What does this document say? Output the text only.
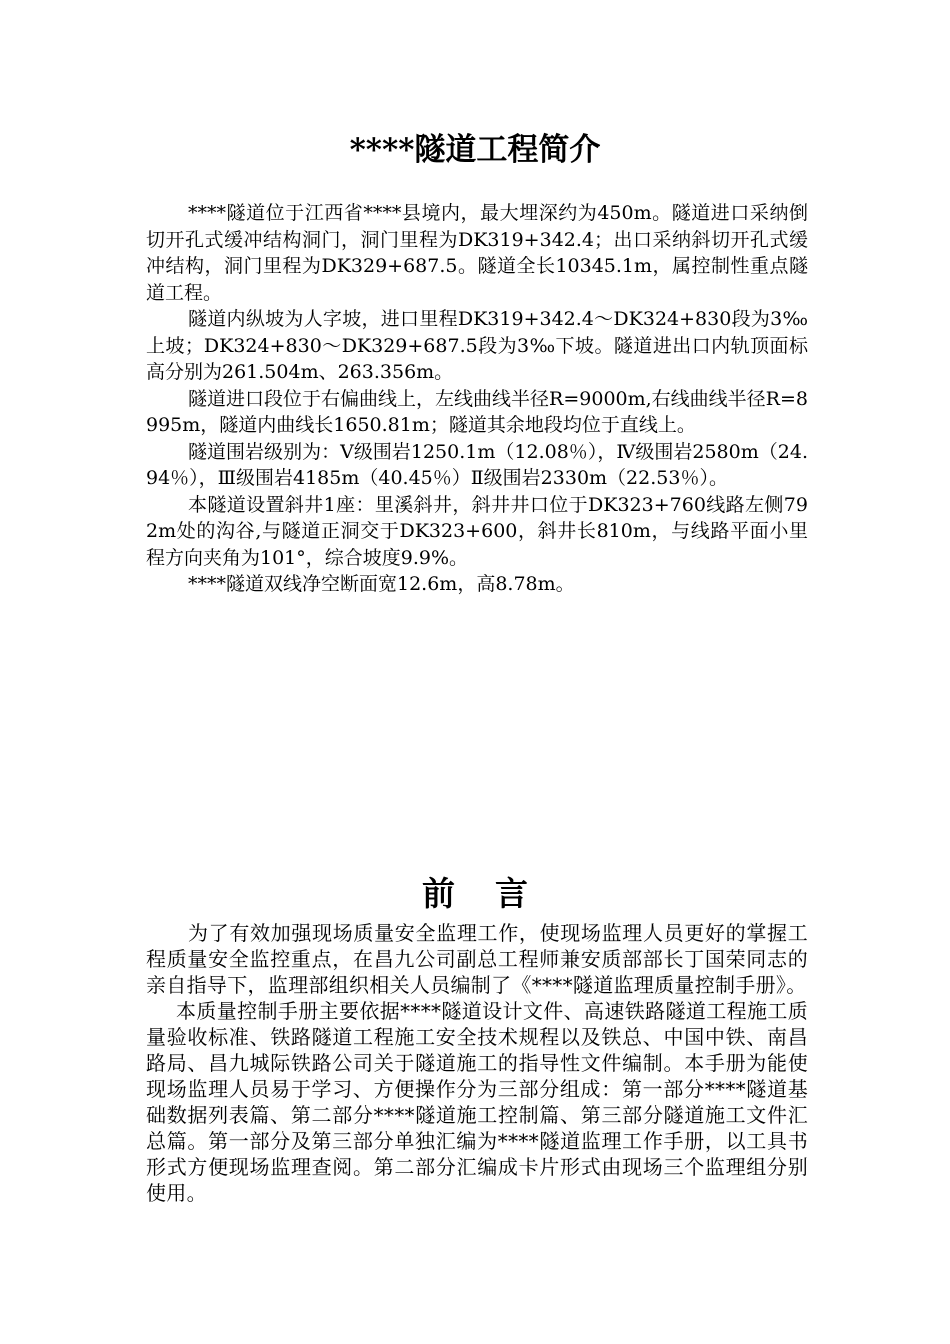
****隧道工程简介

****隧道位于江西省****县境内，最大埋深约为450m。隧道进口采纳倒切开孔式缓冲结构洞门，洞门里程为DK319+342.4；出口采纳斜切开孔式缓冲结构，洞门里程为DK329+687.5。隧道全长10345.1m，属控制性重点隧道工程。

隧道内纵坡为人字坡，进口里程DK319+342.4～DK324+830段为3‰上坡；DK324+830～DK329+687.5段为3‰下坡。隧道进出口内轨顶面标高分别为261.504m、263.356m。

隧道进口段位于右偏曲线上，左线曲线半径R=9000m,右线曲线半径R=8995m，隧道内曲线长1650.81m；隧道其余地段均位于直线上。

隧道围岩级别为：Ⅴ级围岩1250.1m（12.08％），Ⅳ级围岩2580m（24.94％），Ⅲ级围岩4185m（40.45％）Ⅱ级围岩2330m（22.53％）。

本隧道设置斜井1座：里溪斜井，斜井井口位于DK323+760线路左侧792m处的沟谷,与隧道正洞交于DK323+600，斜井长810m，与线路平面小里程方向夹角为101°，综合坡度9.9%。

****隧道双线净空断面宽12.6m，高8.78m。

前言

为了有效加强现场质量安全监理工作，使现场监理人员更好的掌握工程质量安全监控重点，在昌九公司副总工程师兼安质部部长丁国荣同志的亲自指导下，监理部组织相关人员编制了《****隧道监理质量控制手册》。

本质量控制手册主要依据****隧道设计文件、高速铁路隧道工程施工质量验收标准、铁路隧道工程施工安全技术规程以及铁总、中国中铁、南昌路局、昌九城际铁路公司关于隧道施工的指导性文件编制。本手册为能使现场监理人员易于学习、方便操作分为三部分组成：第一部分****隧道基础数据列表篇、第二部分****隧道施工控制篇、第三部分隧道施工文件汇总篇。第一部分及第三部分单独汇编为****隧道监理工作手册，以工具书形式方便现场监理查阅。第二部分汇编成卡片形式由现场三个监理组分别使用。
